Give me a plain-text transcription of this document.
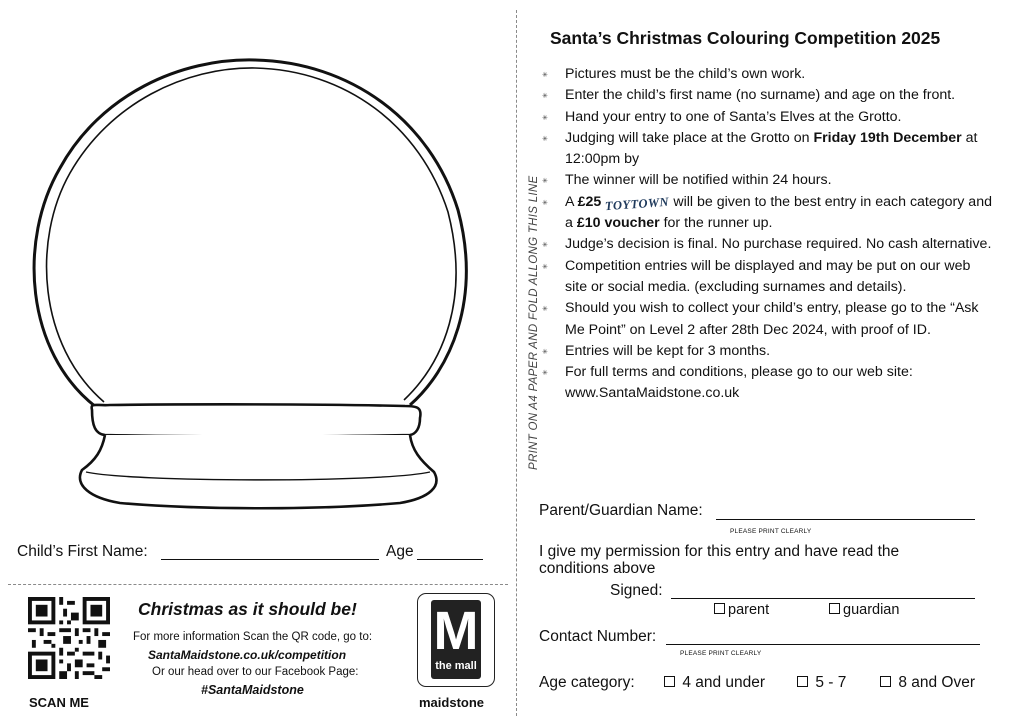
Child’s First Name:	Age
SCAN ME
Christmas as it should be!
For more information Scan the QR code, go to:
SantaMaidstone.co.uk/competition
Or our head over to our Facebook Page:
#SantaMaidstone
M
the mall
maidstone
PRINT ON A4 PAPER AND FOLD ALLONG THIS LINE
Santa’s Christmas Colouring Competition 2025
✳ Pictures must be the child’s own work.
✳ Enter the child’s first name (no surname) and age on the front.
✳ Hand your entry to one of Santa’s Elves at the Grotto.
✳ Judging will take place at the Grotto on Friday 19th December at 12:00pm by
✳ The winner will be notified within 24 hours.
✳ A £25 TOYTOWN will be given to the best entry in each category and a £10 voucher for the runner up.
✳ Judge’s decision is final. No purchase required. No cash alternative.
✳ Competition entries will be displayed and may be put on our web site or social media. (excluding surnames and details).
✳ Should you wish to collect your child’s entry, please go to the “Ask Me Point” on Level 2 after 28th Dec 2024, with proof of ID.
✳ Entries will be kept for 3 months.
✳ For full terms and conditions, please go to our web site: www.SantaMaidstone.co.uk
Parent/Guardian Name:
PLEASE PRINT CLEARLY
I give my permission for this entry and have read the conditions above
Signed:
parent	guardian
Contact Number:
PLEASE PRINT CLEARLY
Age category:	4 and under	5 - 7	8 and Over
